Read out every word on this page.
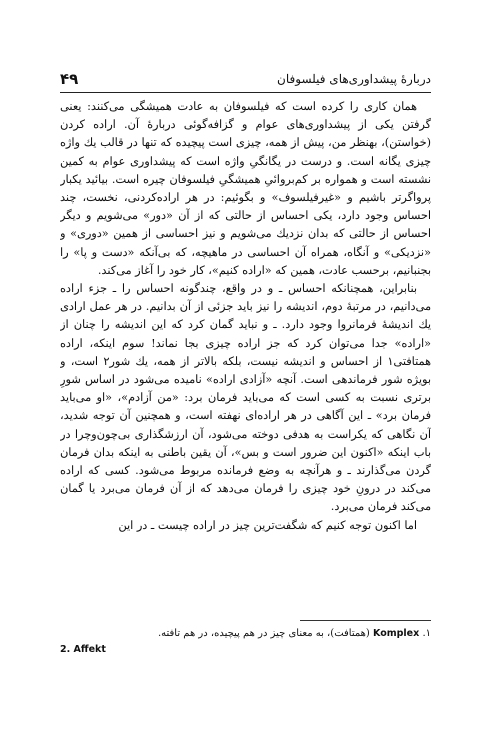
۴۹	دربارهٔ پیشداوری‌های فیلسوفان

همان کاری را کرده است که فیلسوفان به عادت همیشگی می‌کنند: یعنی گرفتن یکی از پیشداوری‌های عوام و گزافه‌گوئی دربارهٔ آن. اراده کردن (خواستن)، بهنظر من، پیش از همه، چیزی است پیچیده که تنها در قالب یك واژه چیزی یگانه است. و درست در یگانگیِ واژه است که پیشداوری عوام به کمین نشسته است و همواره بر کم‌بروائیِ همیشگیِ فیلسوفان چیره است. بیائید یکبار پرواگرتر باشیم و «غیرفیلسوف» و بگوئیم: در هر اراده‌کردنی، نخست، چند احساس وجود دارد، یکی احساس از حالتی که از آن «دور» می‌شویم و دیگر احساس از حالتی که بدان نزدیك می‌شویم و نیز احساسی از همین «دوری» و «نزدیکی» و آنگاه، همراه آن احساسی در ماهیچه، که بی‌آنکه «دست و پا» را بجنبانیم، برحسب عادت، همین که «اراده کنیم»، کار خود را آغاز می‌کند.

بنابراین، همچنانکه احساس ـ و در واقع، چندگونه احساس را ـ جزء اراده می‌دانیم، در مرتبهٔ دوم، اندیشه را نیز باید جزئی از آن بدانیم. در هر عمل ارادی یك اندیشهٔ فرمانروا وجود دارد. ـ و نباید گمان کرد که این اندیشه را چنان از «اراده» جدا می‌توان کرد که جز اراده چیزی بجا نماند! سوم اینکه، اراده همتافتی۱ از احساس و اندیشه نیست، بلکه بالاتر از همه، یك شور۲ است، و بویژه شور فرماندهی است. آنچه «آزادی اراده» نامیده می‌شود در اساس شورِ برتری نسبت به کسی است که می‌باید فرمان برد: «من آزادم»، «او می‌باید فرمان برد» ـ این آگاهی در هر اراده‌ای نهفته است، و همچنین آن توجه شدید، آن نگاهی که یکراست به هدفی دوخته می‌شود، آن ارزشگذاری بی‌چون‌وچرا در باب اینکه «اکنون این ضرور است و بس»، آن یقین باطنی به اینکه بدان فرمان گردن می‌گذارند ـ و هرآنچه به وضع فرمانده مربوط می‌شود. کسی که اراده می‌کند در درونِ خود چیزی را فرمان می‌دهد که از آن فرمان می‌برد یا گمان می‌کند فرمان می‌برد.

اما اکنون توجه کنیم که شگفت‌ترین چیز در اراده چیست ـ در این

۱. Komplex (همتافت)، به معنای چیز در هم پیچیده، در هم تافته.
2. Affekt
